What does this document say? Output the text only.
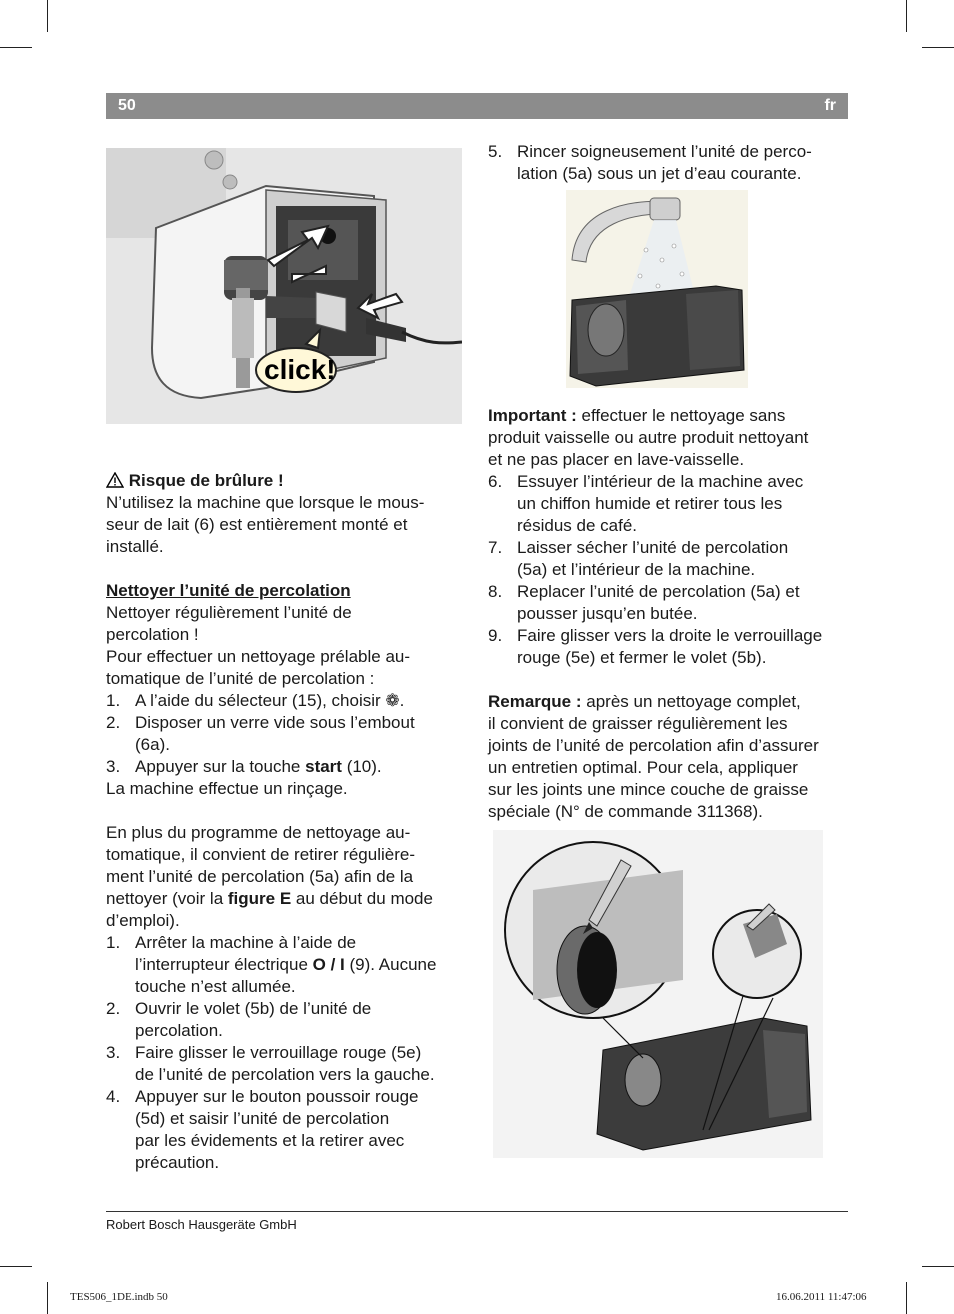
50	fr
click!

Risque de brûlure !

N’utilisez la machine que lorsque le mous-

seur de lait (6) est entièrement monté et

installé.

Nettoyer l’unité de percolation

Nettoyer régulièrement l’unité de

percolation !

Pour effectuer un nettoyage prélable au-

tomatique de l’unité de percolation :

1. A l’aide du sélecteur (15), choisir ❁.
2. Disposer un verre vide sous l’embout
(6a).
3. Appuyer sur la touche start (10).

La machine effectue un rinçage.

En plus du programme de nettoyage au-

tomatique, il convient de retirer régulière-

ment l’unité de percolation (5a) afin de la

nettoyer (voir la figure E au début du mode

d’emploi).

1. Arrêter la machine à l’aide de
l’interrupteur électrique O / I (9). Aucune
touche n’est allumée.
2. Ouvrir le volet (5b) de l’unité de
percolation.
3. Faire glisser le verrouillage rouge (5e)
de l’unité de percolation vers la gauche.
4. Appuyer sur le bouton poussoir rouge
(5d) et saisir l’unité de percolation
par les évidements et la retirer avec
précaution.
5. Rincer soigneusement l’unité de perco-
lation (5a) sous un jet d’eau courante.

Important : effectuer le nettoyage sans

produit vaisselle ou autre produit nettoyant

et ne pas placer en lave-vaisselle.

6. Essuyer l’intérieur de la machine avec
un chiffon humide et retirer tous les
résidus de café.
7. Laisser sécher l’unité de percolation
(5a) et l’intérieur de la machine.
8. Replacer l’unité de percolation (5a) et
pousser jusqu’en butée.
9. Faire glisser vers la droite le verrouillage
rouge (5e) et fermer le volet (5b).

Remarque : après un nettoyage complet,

il convient de graisser régulièrement les

joints de l’unité de percolation afin d’assurer

un entretien optimal. Pour cela, appliquer

sur les joints une mince couche de graisse

spéciale (N° de commande 311368).

Robert Bosch Hausgeräte GmbH
TES506_1DE.indb 50	16.06.2011 11:47:06
